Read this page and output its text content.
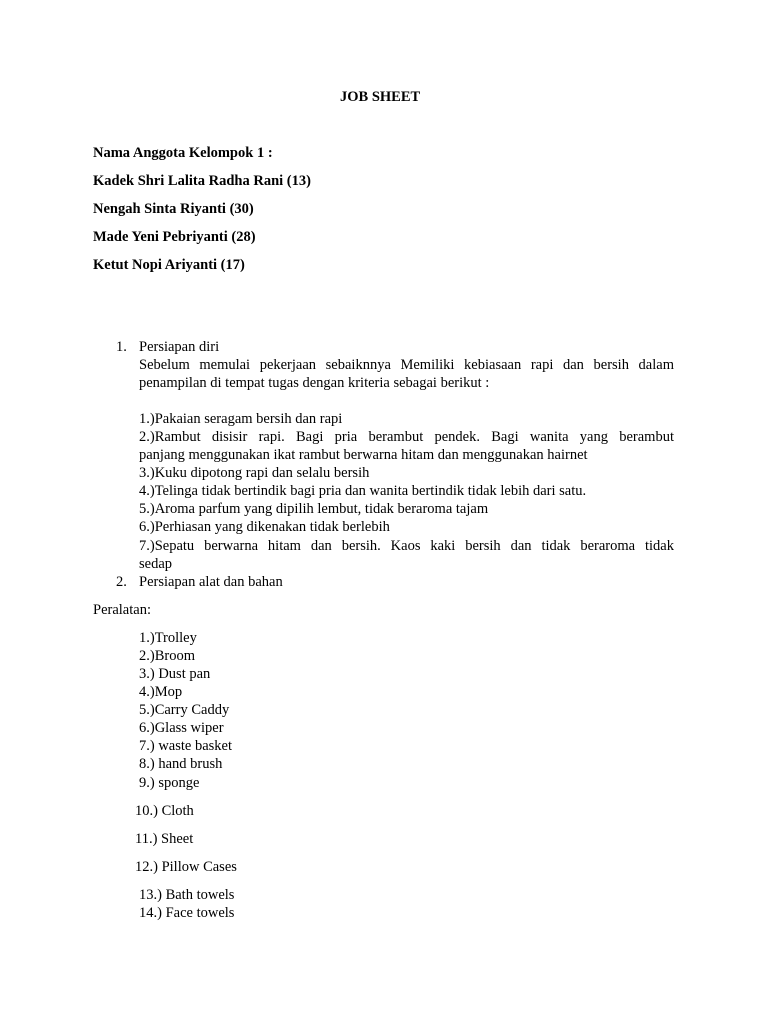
JOB SHEET
Nama Anggota Kelompok 1 :
Kadek Shri Lalita Radha Rani (13)
Nengah Sinta Riyanti (30)
Made Yeni Pebriyanti (28)
Ketut Nopi Ariyanti (17)
1. Persiapan diri
Sebelum memulai pekerjaan sebaiknnya Memiliki kebiasaan rapi dan bersih dalam
penampilan di tempat tugas dengan kriteria sebagai berikut :
1.)Pakaian seragam bersih dan rapi
2.)Rambut disisir rapi. Bagi pria berambut pendek. Bagi wanita yang berambut
panjang menggunakan ikat rambut berwarna hitam dan menggunakan hairnet
3.)Kuku dipotong rapi dan selalu bersih
4.)Telinga tidak bertindik bagi pria dan wanita bertindik tidak lebih dari satu.
5.)Aroma parfum yang dipilih lembut, tidak beraroma tajam
6.)Perhiasan yang dikenakan tidak berlebih
7.)Sepatu berwarna hitam dan bersih. Kaos kaki bersih dan tidak beraroma tidak
sedap
2. Persiapan alat dan bahan
Peralatan:
1.)Trolley
2.)Broom
3.) Dust pan
4.)Mop
5.)Carry Caddy
6.)Glass wiper
7.) waste basket
8.) hand brush
9.) sponge
10.) Cloth
11.) Sheet
12.) Pillow Cases
13.) Bath towels
14.) Face towels
